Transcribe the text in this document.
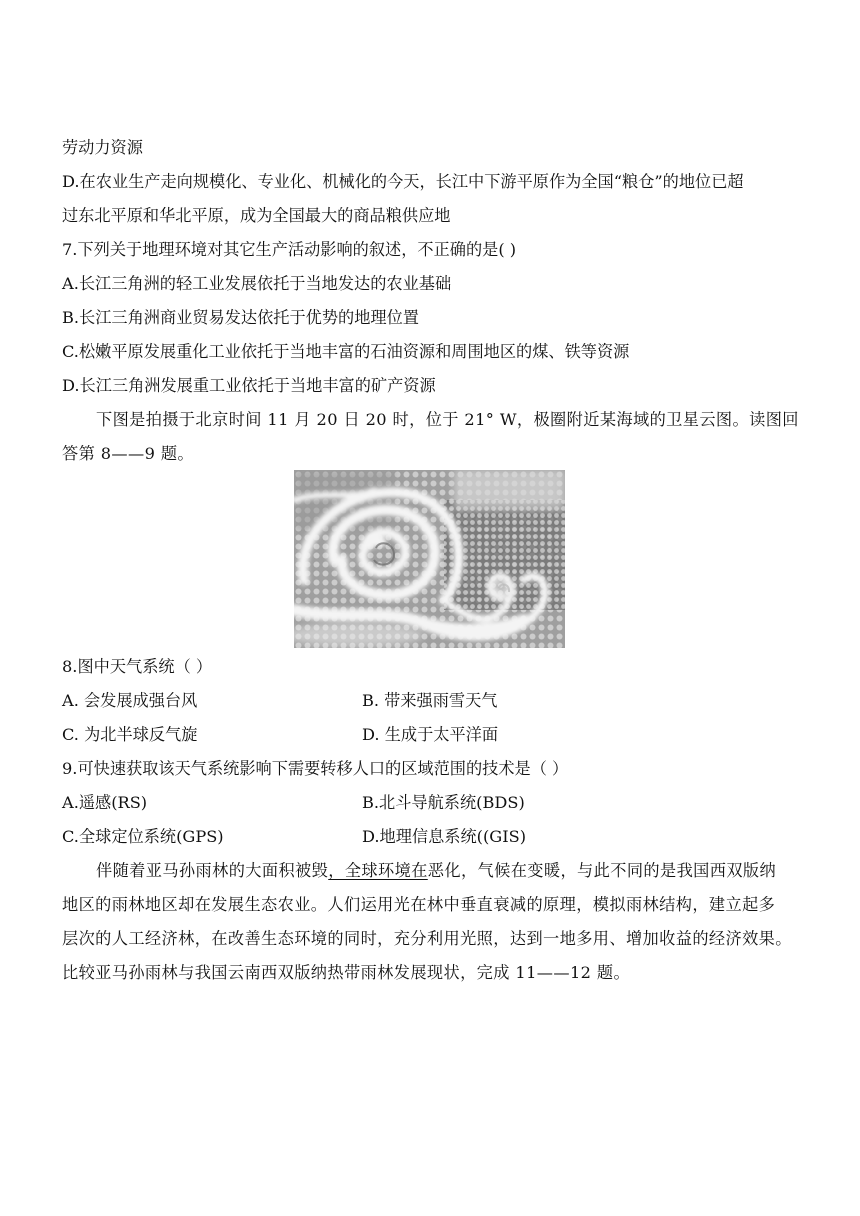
劳动力资源
D.在农业生产走向规模化、专业化、机械化的今天，长江中下游平原作为全国“粮仓”的地位已超
过东北平原和华北平原，成为全国最大的商品粮供应地
7.下列关于地理环境对其它生产活动影响的叙述，不正确的是( )
A.长江三角洲的轻工业发展依托于当地发达的农业基础
B.长江三角洲商业贸易发达依托于优势的地理位置
C.松嫩平原发展重化工业依托于当地丰富的石油资源和周围地区的煤、铁等资源
D.长江三角洲发展重工业依托于当地丰富的矿产资源
下图是拍摄于北京时间 11 月 20 日 20 时，位于 21° W，极圈附近某海域的卫星云图。读图回
答第 8——9 题。
8.图中天气系统（ ）
A. 会发展成强台风	B. 带来强雨雪天气
C. 为北半球反气旋	D. 生成于太平洋面
9.可快速获取该天气系统影响下需要转移人口的区域范围的技术是（ ）
A.遥感(RS)	B.北斗导航系统(BDS)
C.全球定位系统(GPS)	D.地理信息系统((GIS)
伴随着亚马孙雨林的大面积被毁，全球环境在恶化，气候在变暖，与此不同的是我国西双版纳
地区的雨林地区却在发展生态农业。人们运用光在林中垂直衰减的原理，模拟雨林结构，建立起多
层次的人工经济林，在改善生态环境的同时，充分利用光照，达到一地多用、增加收益的经济效果。
比较亚马孙雨林与我国云南西双版纳热带雨林发展现状，完成 11——12 题。
